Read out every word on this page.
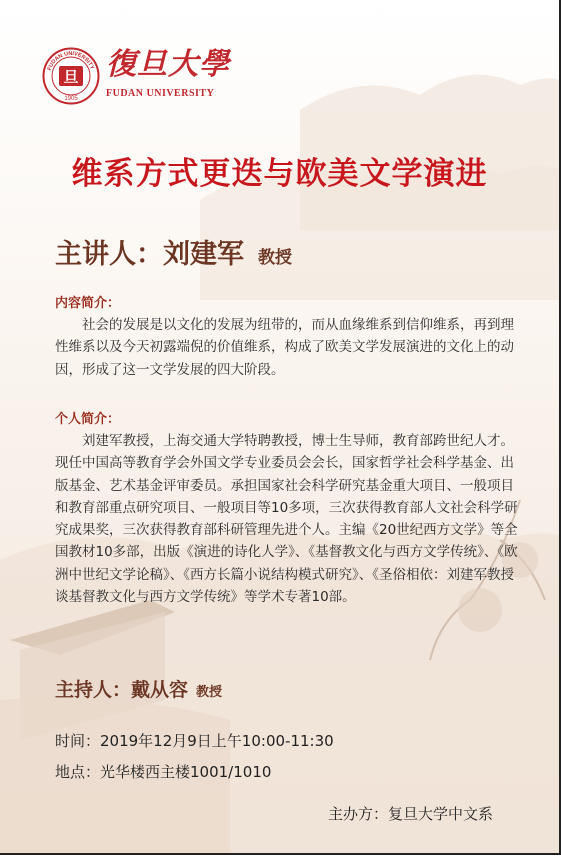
旦
1905
FUDAN UNIVERSITY 復旦大學
FUDAN UNIVERSITY
维系方式更迭与欧美文学演进
主讲人：刘建军 教授
内容简介：
社会的发展是以文化的发展为纽带的，而从血缘维系到信仰维系，再到理性维系以及今天初露端倪的价值维系，构成了欧美文学发展演进的文化上的动因，形成了这一文学发展的四大阶段。
个人简介：
刘建军教授，上海交通大学特聘教授，博士生导师，教育部跨世纪人才。现任中国高等教育学会外国文学专业委员会会长，国家哲学社会科学基金、出版基金、艺术基金评审委员。承担国家社会科学研究基金重大项目、一般项目和教育部重点研究项目、一般项目等10多项，三次获得教育部人文社会科学研究成果奖，三次获得教育部科研管理先进个人。主编《20世纪西方文学》等全国教材10多部，出版《演进的诗化人学》、《基督教文化与西方文学传统》、《欧洲中世纪文学论稿》、《西方长篇小说结构模式研究》、《圣俗相依：刘建军教授谈基督教文化与西方文学传统》等学术专著10部。
主持人：戴从容 教授
时间：2019年12月9日上午10:00-11:30
地点：光华楼西主楼1001/1010
主办方：复旦大学中文系
